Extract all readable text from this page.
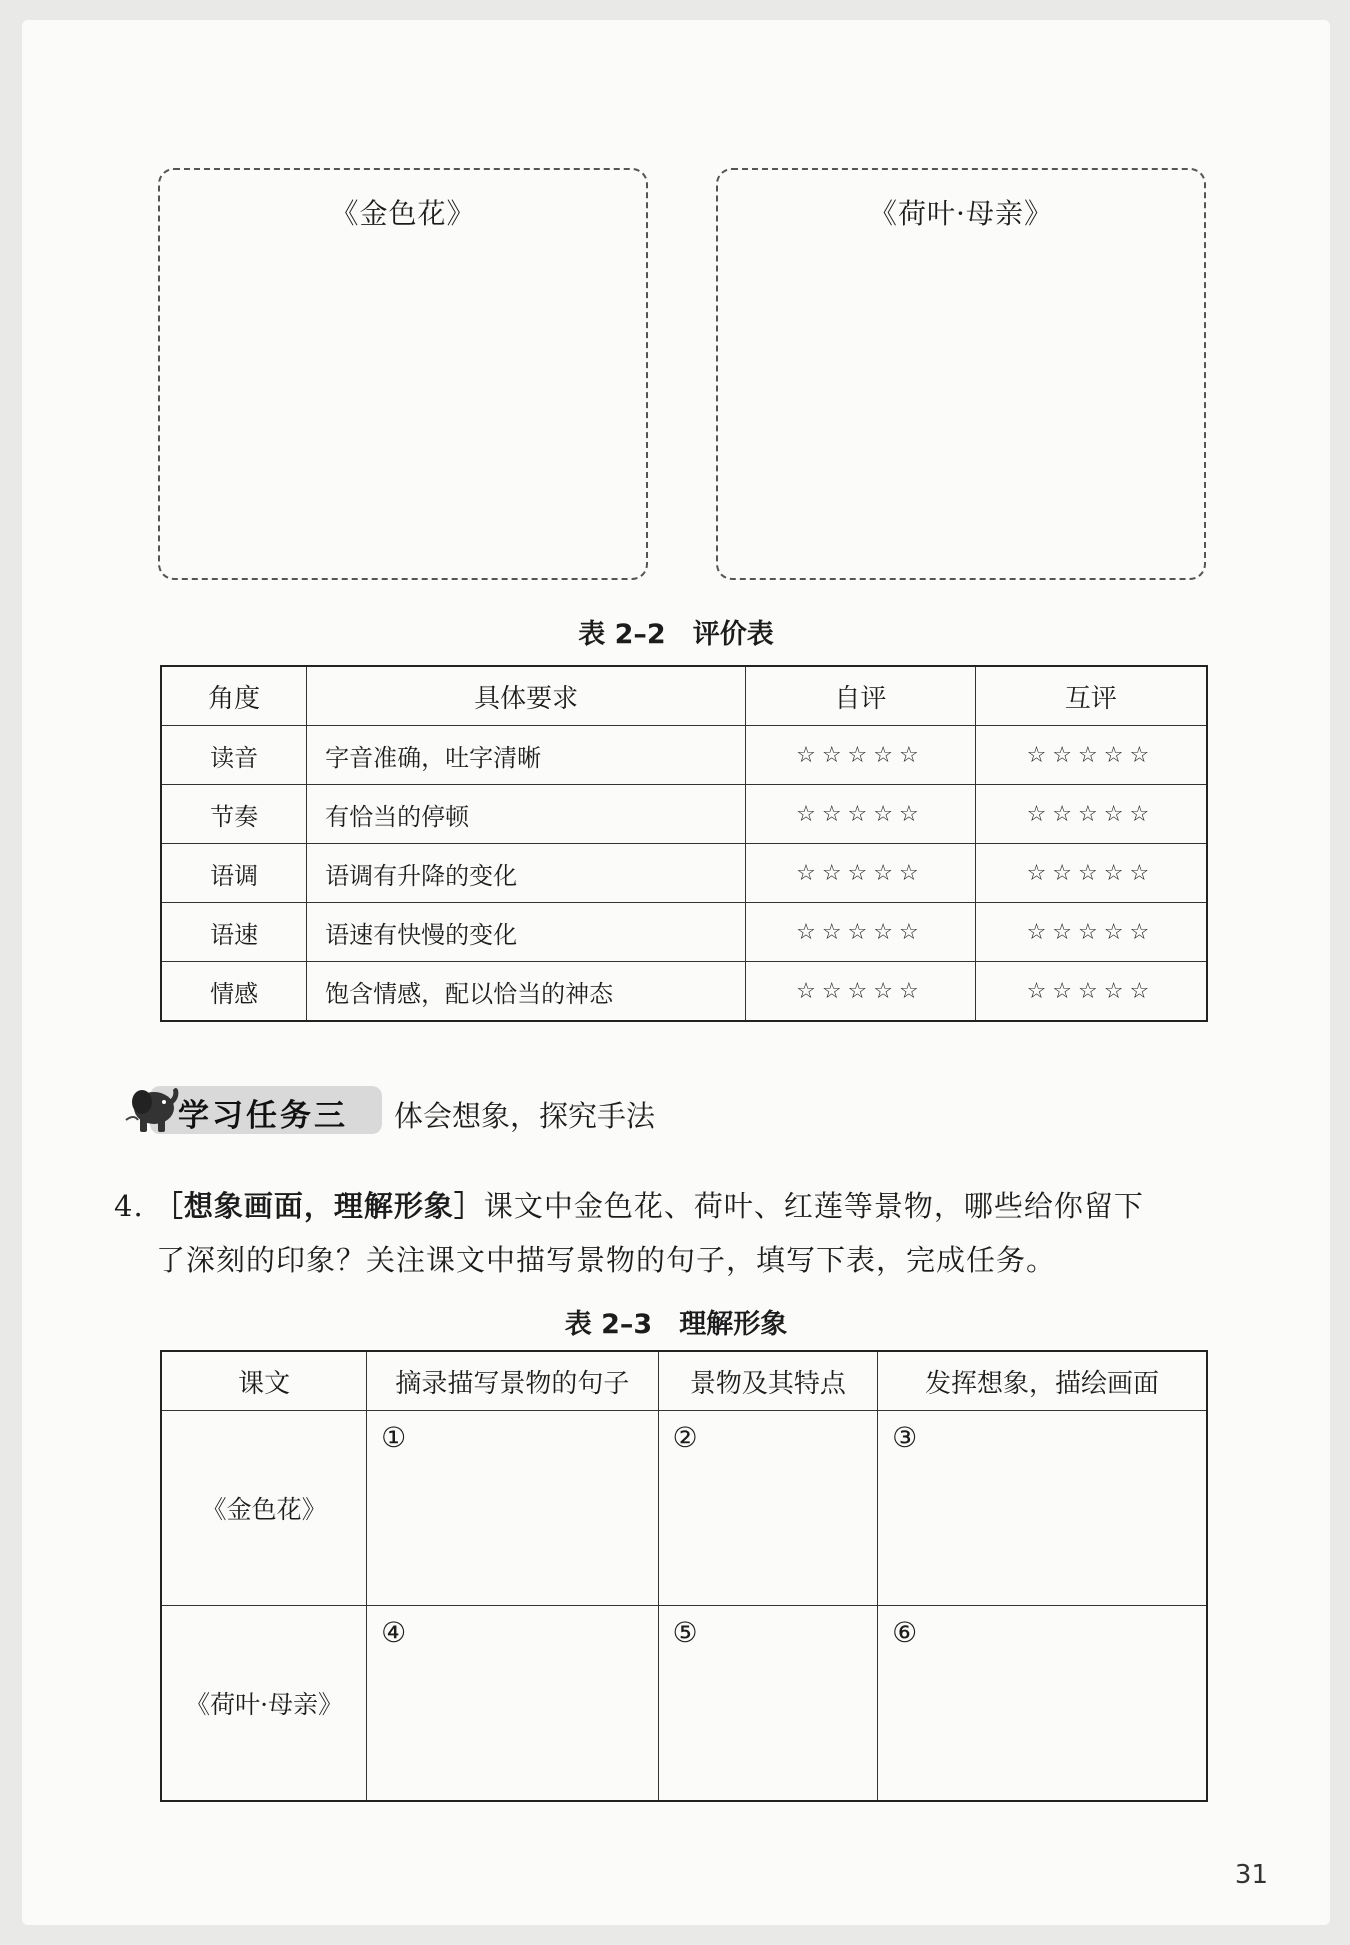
《金色花》	《荷叶·母亲》
表 2–2　评价表
角度	具体要求	自评	互评
读音	字音准确，吐字清晰	☆☆☆☆☆	☆☆☆☆☆
节奏	有恰当的停顿	☆☆☆☆☆	☆☆☆☆☆
语调	语调有升降的变化	☆☆☆☆☆	☆☆☆☆☆
语速	语速有快慢的变化	☆☆☆☆☆	☆☆☆☆☆
情感	饱含情感，配以恰当的神态	☆☆☆☆☆	☆☆☆☆☆
学习任务三 体会想象，探究手法
4. ［想象画面，理解形象］课文中金色花、荷叶、红莲等景物，哪些给你留下
了深刻的印象？关注课文中描写景物的句子，填写下表，完成任务。
表 2–3　理解形象
课文	摘录描写景物的句子	景物及其特点	发挥想象，描绘画面
《金色花》	①	②	③
《荷叶·母亲》	④	⑤	⑥
31
